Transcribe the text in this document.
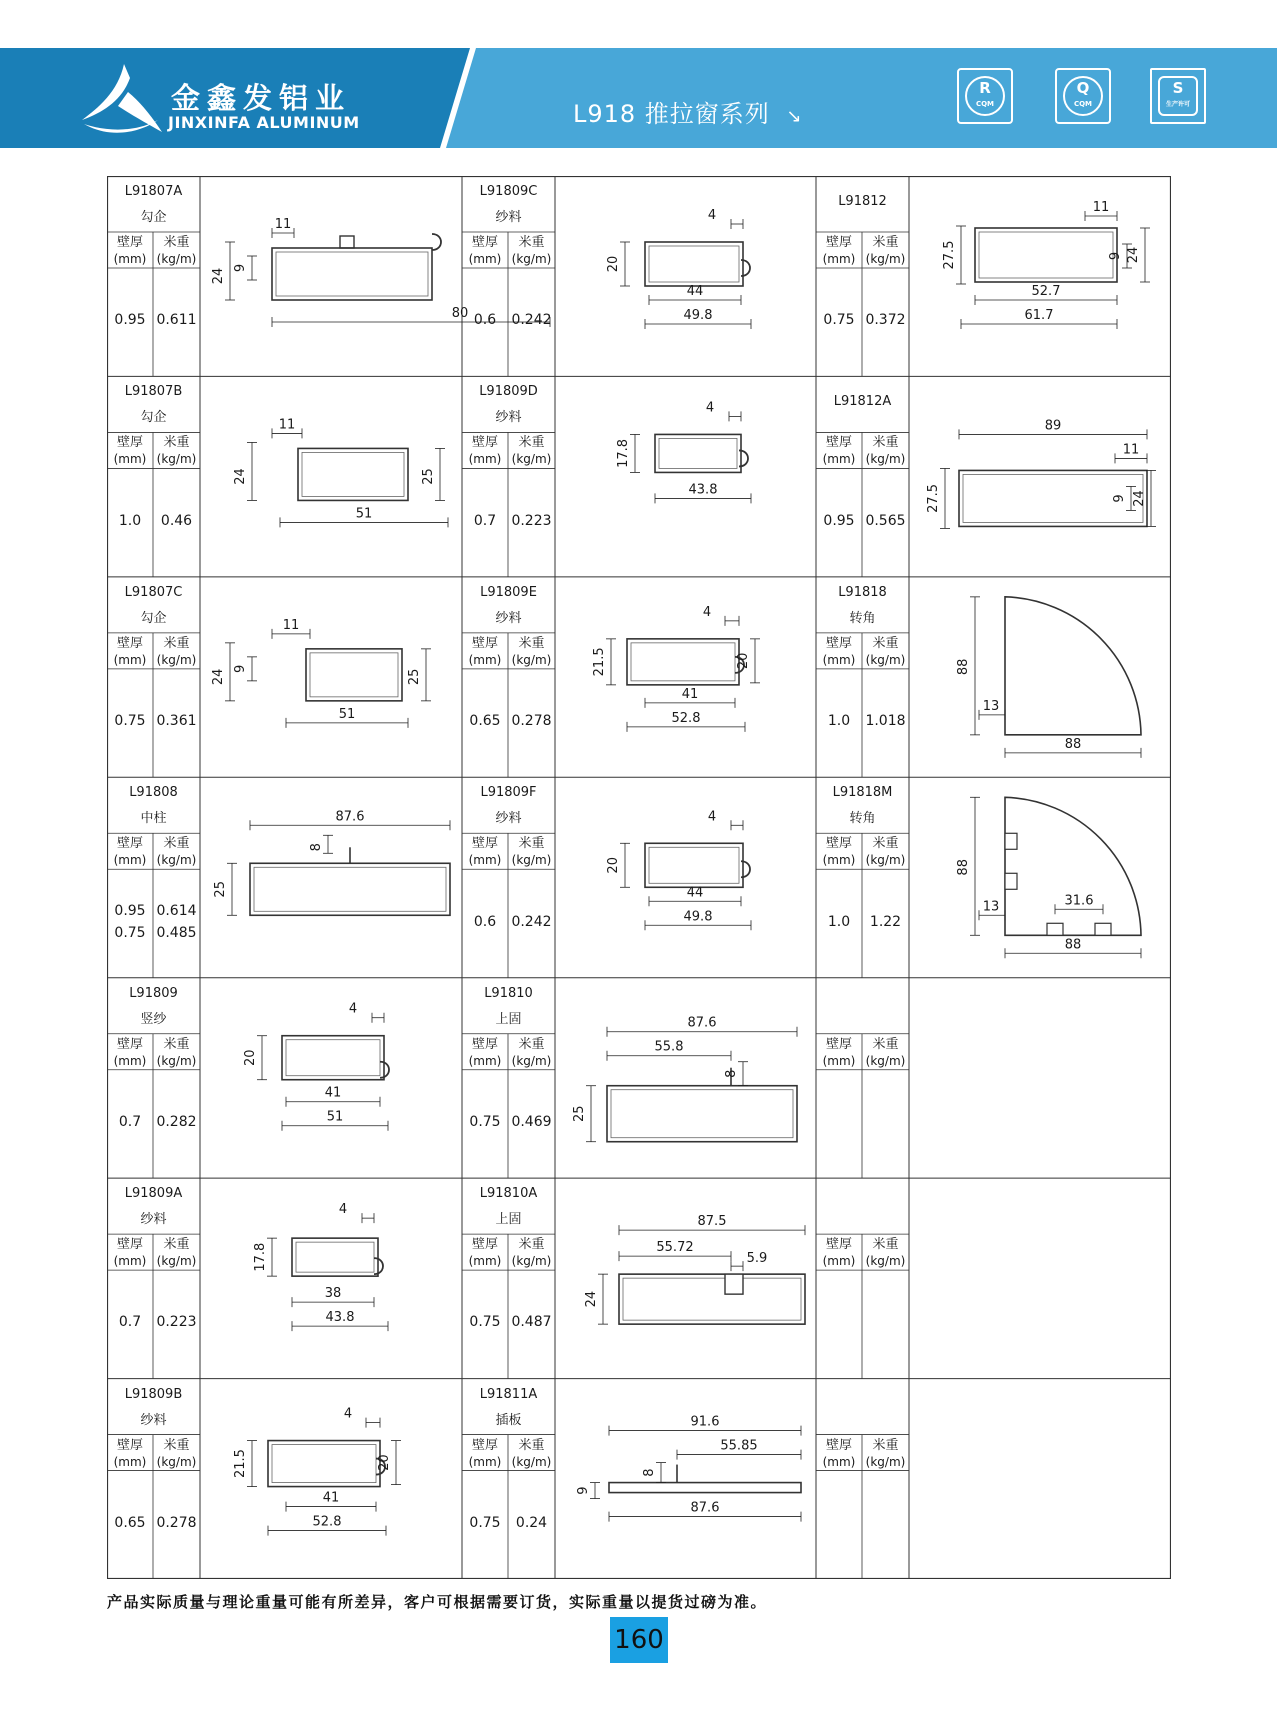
金鑫发铝业
JINXINFA ALUMINUM	L918 推拉窗系列 ↘
R
CQM
Q
CQM
S
生产许可
11
24 9
80
11
24	25
51
11
24 9	25
51
87.6
8
25
4
20
41
51
4
17.8
38
43.8
4
21.5	20
41
52.8
4
20
44
49.8
4
17.8
43.8
4
21.5	20
41
52.8
4
20
44
49.8
87.6
55.8
8
25
87.5
55.72
5.9
24
91.6
55.85
8
9
87.6
11
27.5	9 24
52.7
61.7
89
11
27.5	9 24
88
13
88
88
31.6
13
88
L91807A
勾企
壁厚
(mm)
米重
(kg/m)
0.95 0.611
L91807B
勾企
壁厚
(mm)
米重
(kg/m)
1.0	0.46
L91807C
勾企
壁厚
(mm)
米重
(kg/m)
0.75 0.361
L91808
中柱
壁厚
(mm)
米重
(kg/m)
0.95 0.614
0.75 0.485
L91809
竖纱
壁厚
(mm)
米重
(kg/m)
0.7	0.282
L91809A
纱料
壁厚
(mm)
米重
(kg/m)
0.7	0.223
L91809B
纱料
壁厚
(mm)
米重
(kg/m)
0.65 0.278
L91809C
纱料
壁厚
(mm)
米重
(kg/m)
0.6	0.242
L91809D
纱料
壁厚
(mm)
米重
(kg/m)
0.7	0.223
L91809E
纱料
壁厚
(mm)
米重
(kg/m)
0.65 0.278
L91809F
纱料
壁厚
(mm)
米重
(kg/m)
0.6	0.242
L91810
上固
壁厚
(mm)
米重
(kg/m)
0.75 0.469
L91810A
上固
壁厚
(mm)
米重
(kg/m)
0.75 0.487
L91811A
插板
壁厚
(mm)
米重
(kg/m)
0.75	0.24
L91812
壁厚
(mm)
米重
(kg/m)
0.75 0.372
L91812A
壁厚
(mm)
米重
(kg/m)
0.95 0.565
L91818
转角
壁厚
(mm)
米重
(kg/m)
1.0	1.018
L91818M
转角
壁厚
(mm)
米重
(kg/m)
1.0	1.22
壁厚
(mm)
米重
(kg/m)
壁厚
(mm)
米重
(kg/m)
壁厚
(mm)
米重
(kg/m)
产品实际质量与理论重量可能有所差异，客户可根据需要订货，实际重量以提货过磅为准。
160
